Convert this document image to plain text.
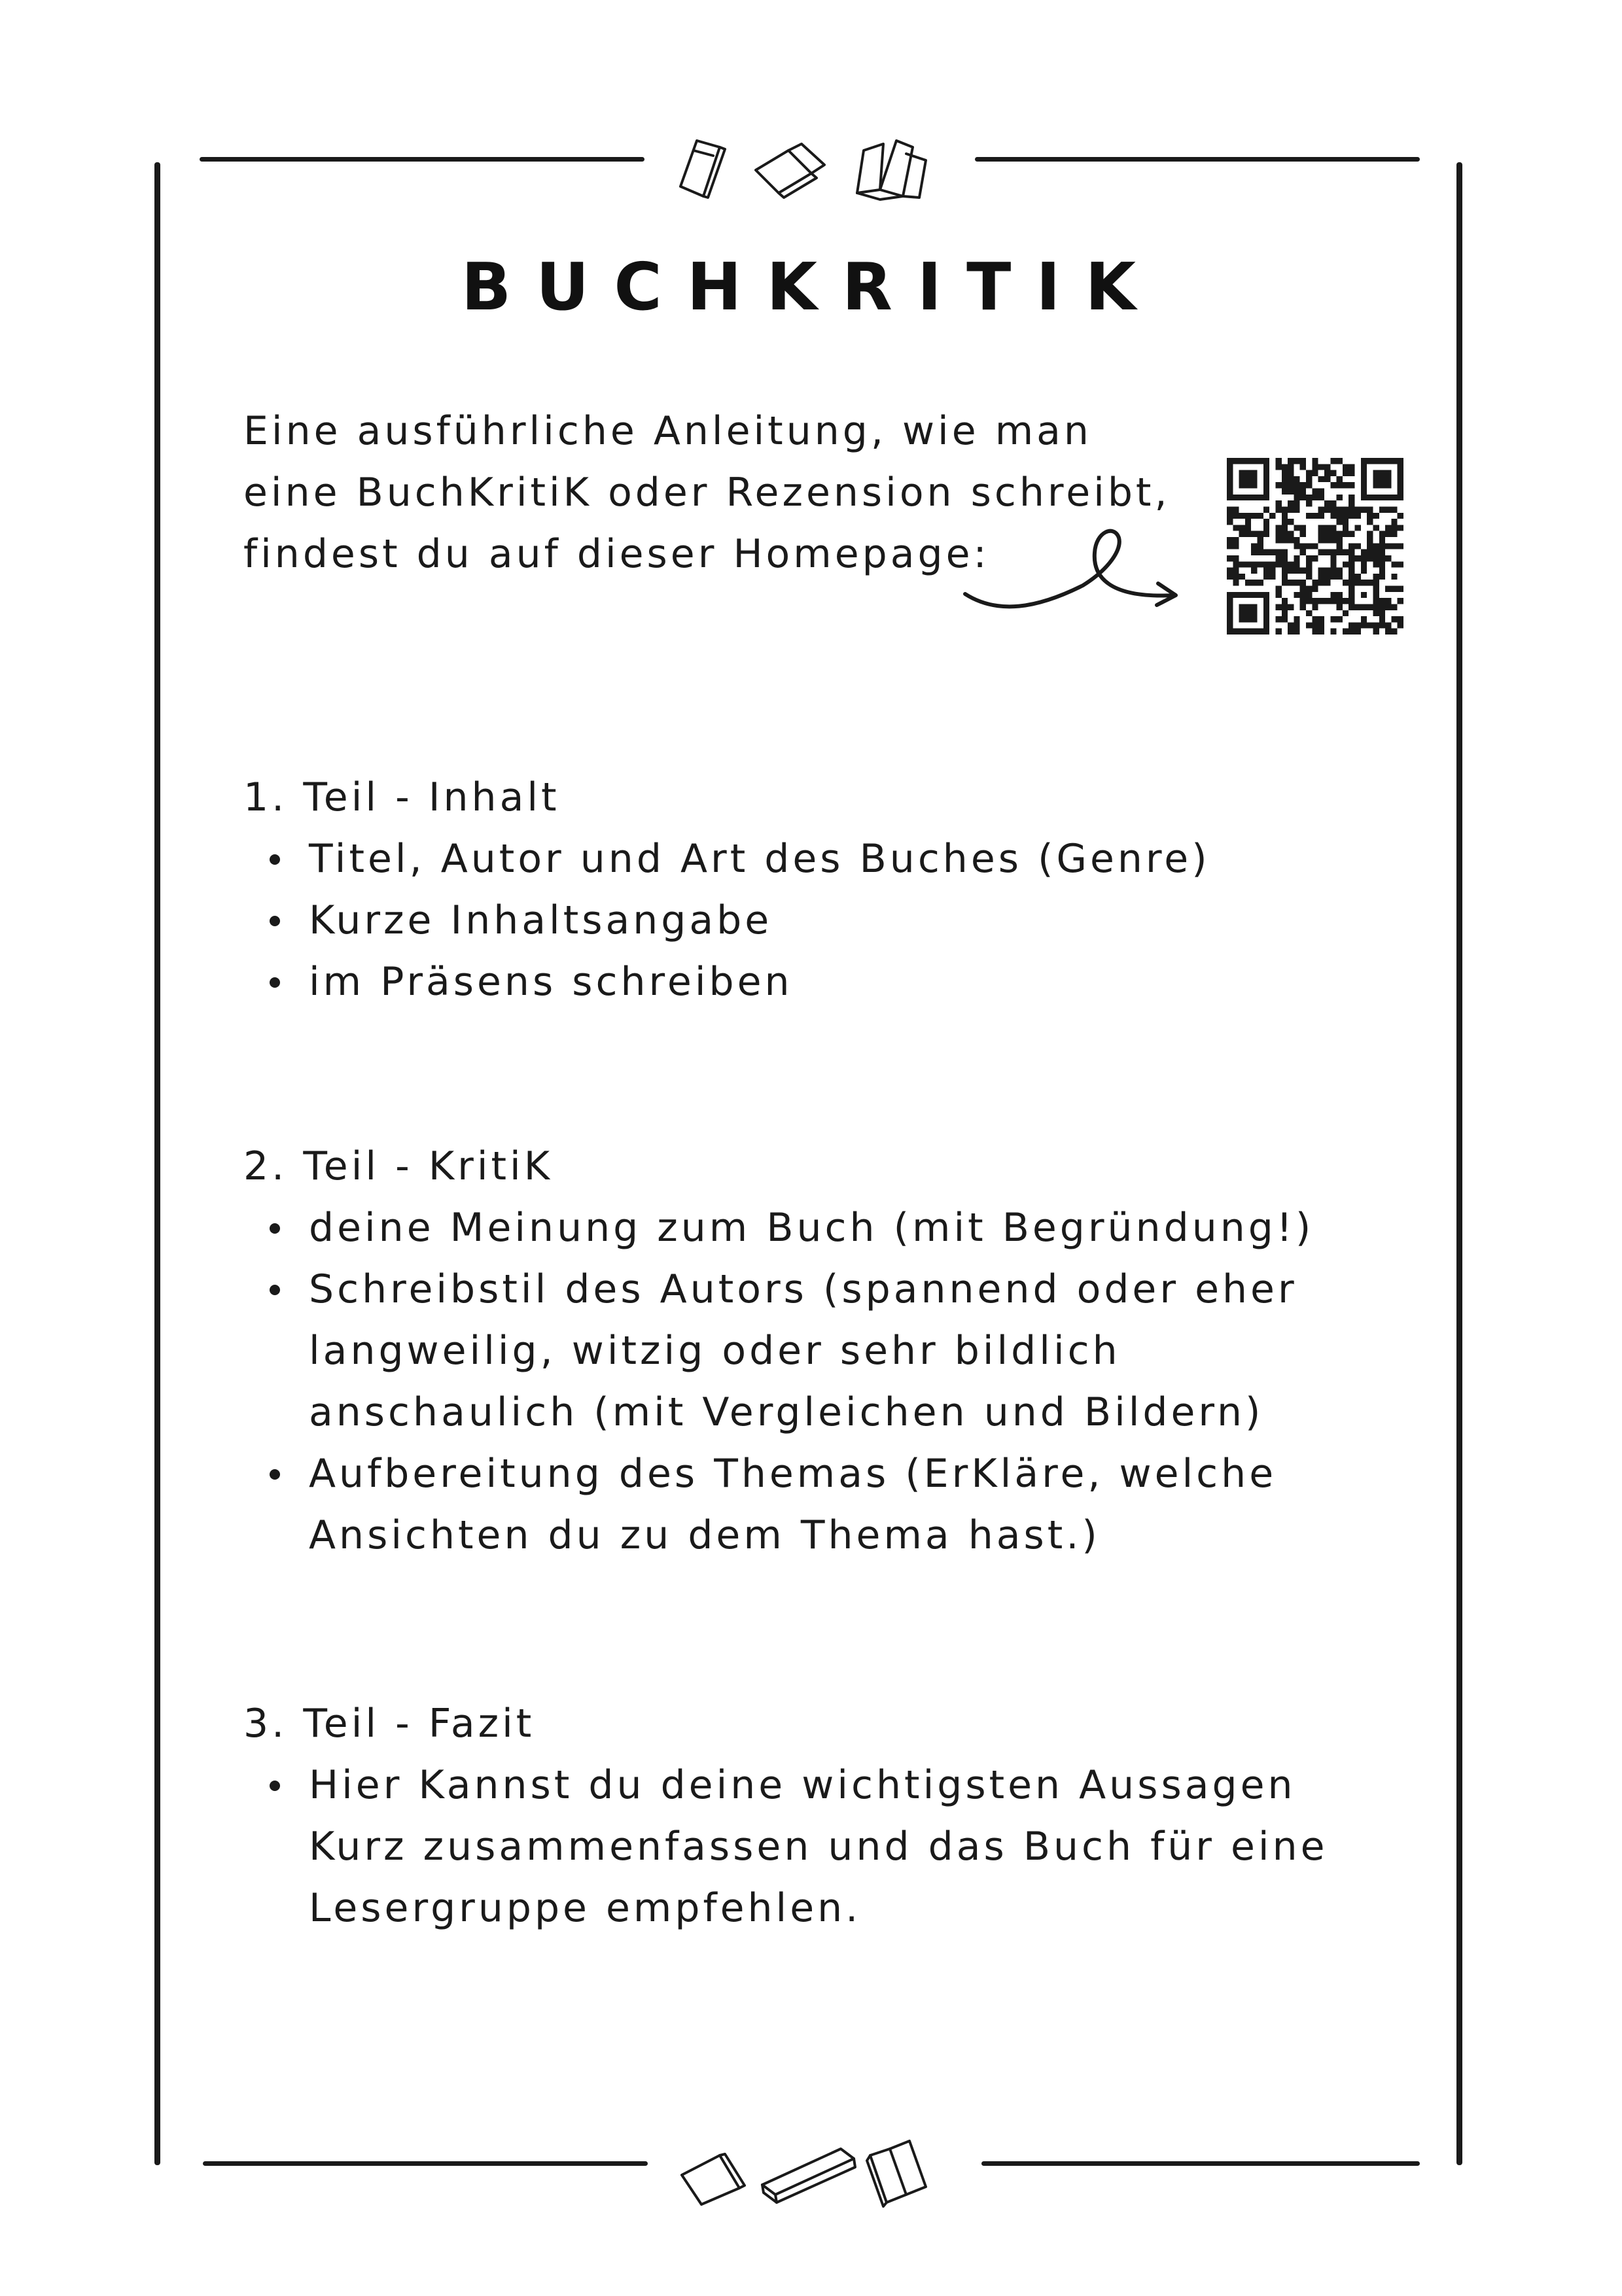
BUCHKRITIK

Eine ausführliche Anleitung, wie man

eine BuchKritiK oder Rezension schreibt,

findest du auf dieser Homepage:

1. Teil - Inhalt
Titel, Autor und Art des Buches (Genre)
Kurze Inhaltsangabe
im Präsens schreiben
2. Teil - KritiK
deine Meinung zum Buch (mit Begründung!)
Schreibstil des Autors (spannend oder eher
langweilig, witzig oder sehr bildlich
anschaulich (mit Vergleichen und Bildern)
Aufbereitung des Themas (ErKläre, welche
Ansichten du zu dem Thema hast.)
3. Teil - Fazit
Hier Kannst du deine wichtigsten Aussagen
Kurz zusammenfassen und das Buch für eine
Lesergruppe empfehlen.
